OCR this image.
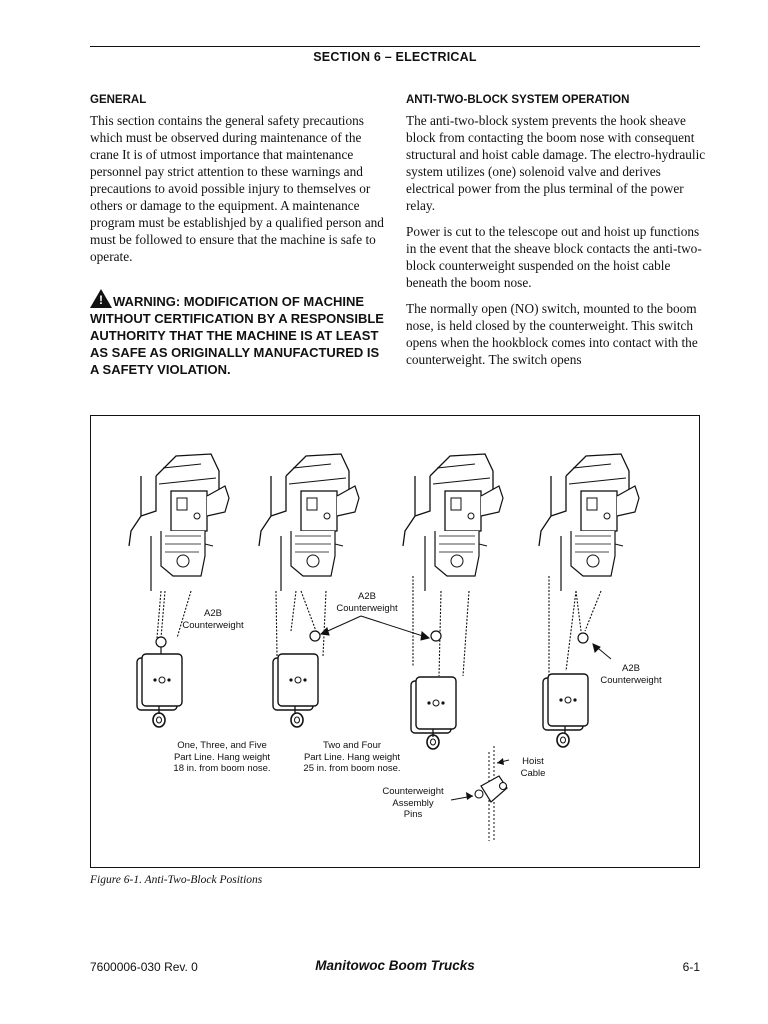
SECTION 6 – ELECTRICAL
GENERAL

This section contains the general safety precautions which must be observed during maintenance of the crane It is of utmost importance that maintenance personnel pay strict attention to these warnings and precautions to avoid possible injury to themselves or others or damage to the equipment. A maintenance program must be establishjed by a qualified person and must be followed to ensure that the machine is safe to operate.

! WARNING: MODIFICATION OF MACHINE WITHOUT CERTIFICATION BY A RESPONSIBLE AUTHORITY THAT THE MACHINE IS AT LEAST AS SAFE AS ORIGINALLY MANUFACTURED IS A SAFETY VIOLATION.
ANTI-TWO-BLOCK SYSTEM OPERATION

The anti-two-block system prevents the hook sheave block from contacting the boom nose with consequent structural and hoist cable damage. The electro-hydraulic system utilizes (one) solenoid valve and derives electrical power from the plus terminal of the power relay.

Power is cut to the telescope out and hoist up functions in the event that the sheave block contacts the anti-two-block counterweight suspended on the hoist cable beneath the boom nose.

The normally open (NO) switch, mounted to the boom nose, is held closed by the counterweight. This switch opens when the hookblock comes into contact with the counterweight. The switch opens

A2B
Counterweight
A2B
Counterweight
A2B
Counterweight
One, Three, and Five
Part Line. Hang weight
18 in. from boom nose.
Two and Four
Part Line. Hang weight
25 in. from boom nose.
Hoist
Cable
Counterweight
Assembly
Pins
Figure 6-1. Anti-Two-Block Positions
7600006-030 Rev. 0	Manitowoc Boom Trucks	6-1
